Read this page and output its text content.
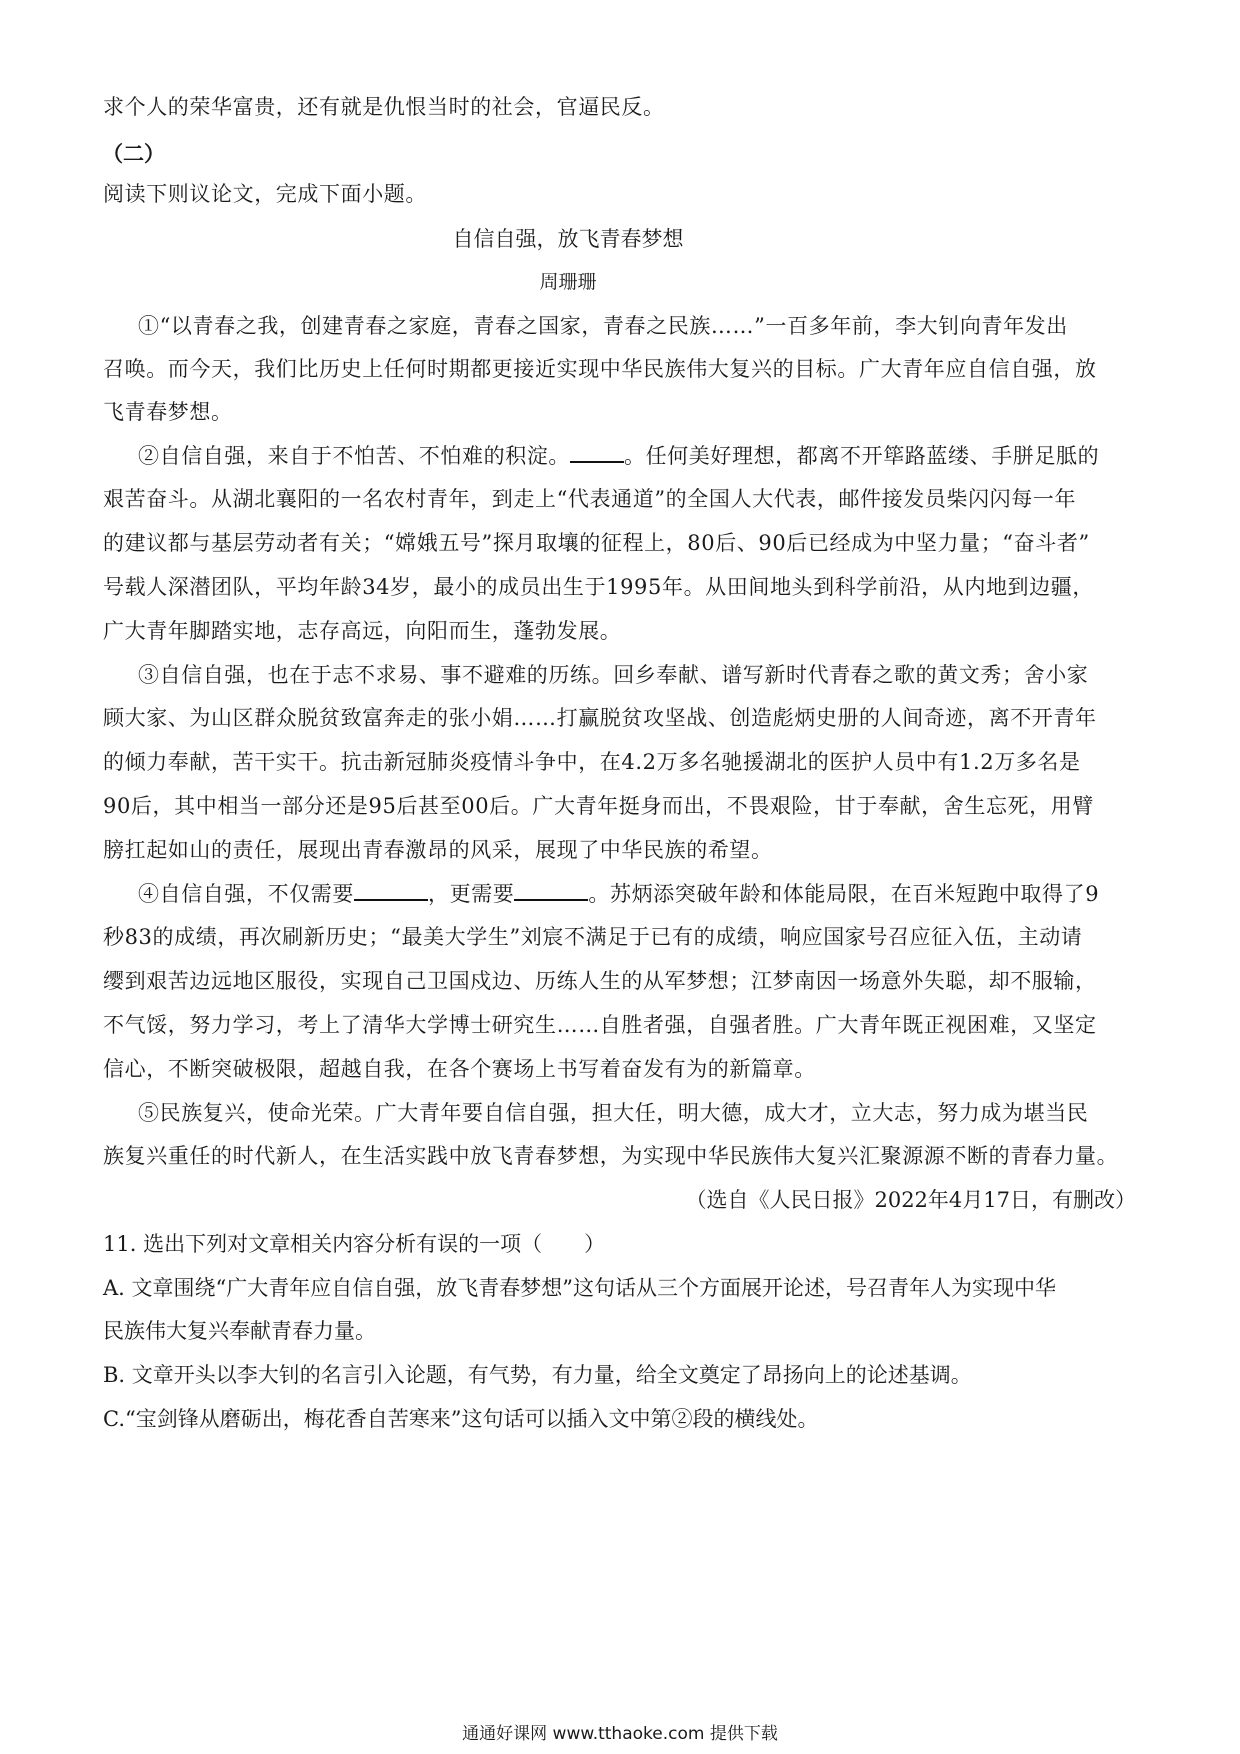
求个人的荣华富贵，还有就是仇恨当时的社会，官逼民反。
（二）
阅读下则议论文，完成下面小题。
自信自强，放飞青春梦想
周珊珊
①“以青春之我，创建青春之家庭，青春之国家，青春之民族……”一百多年前，李大钊向青年发出
召唤。而今天，我们比历史上任何时期都更接近实现中华民族伟大复兴的目标。广大青年应自信自强，放
飞青春梦想。
②自信自强，来自于不怕苦、不怕难的积淀。	。任何美好理想，都离不开筚路蓝缕、手胼足胝的
艰苦奋斗。从湖北襄阳的一名农村青年，到走上“代表通道”的全国人大代表，邮件接发员柴闪闪每一年
的建议都与基层劳动者有关；“嫦娥五号”探月取壤的征程上，80后、90后已经成为中坚力量；“奋斗者”
号载人深潜团队，平均年龄34岁，最小的成员出生于1995年。从田间地头到科学前沿，从内地到边疆，
广大青年脚踏实地，志存高远，向阳而生，蓬勃发展。
③自信自强，也在于志不求易、事不避难的历练。回乡奉献、谱写新时代青春之歌的黄文秀；舍小家
顾大家、为山区群众脱贫致富奔走的张小娟……打赢脱贫攻坚战、创造彪炳史册的人间奇迹，离不开青年
的倾力奉献，苦干实干。抗击新冠肺炎疫情斗争中，在4.2万多名驰援湖北的医护人员中有1.2万多名是
90后，其中相当一部分还是95后甚至00后。广大青年挺身而出，不畏艰险，甘于奉献，舍生忘死，用臂
膀扛起如山的责任，展现出青春激昂的风采，展现了中华民族的希望。
④自信自强，不仅需要	，更需要	。苏炳添突破年龄和体能局限，在百米短跑中取得了9
秒83的成绩，再次刷新历史；“最美大学生”刘宸不满足于已有的成绩，响应国家号召应征入伍，主动请
缨到艰苦边远地区服役，实现自己卫国戍边、历练人生的从军梦想；江梦南因一场意外失聪，却不服输，
不气馁，努力学习，考上了清华大学博士研究生……自胜者强，自强者胜。广大青年既正视困难，又坚定
信心，不断突破极限，超越自我，在各个赛场上书写着奋发有为的新篇章。
⑤民族复兴，使命光荣。广大青年要自信自强，担大任，明大德，成大才，立大志，努力成为堪当民
族复兴重任的时代新人，在生活实践中放飞青春梦想，为实现中华民族伟大复兴汇聚源源不断的青春力量。
（选自《人民日报》2022年4月17日，有删改）
11. 选出下列对文章相关内容分析有误的一项（　　）
A. 文章围绕“广大青年应自信自强，放飞青春梦想”这句话从三个方面展开论述，号召青年人为实现中华
民族伟大复兴奉献青春力量。
B. 文章开头以李大钊的名言引入论题，有气势，有力量，给全文奠定了昂扬向上的论述基调。
C.“宝剑锋从磨砺出，梅花香自苦寒来”这句话可以插入文中第②段的横线处。
通通好课网 www.tthaoke.com 提供下载
